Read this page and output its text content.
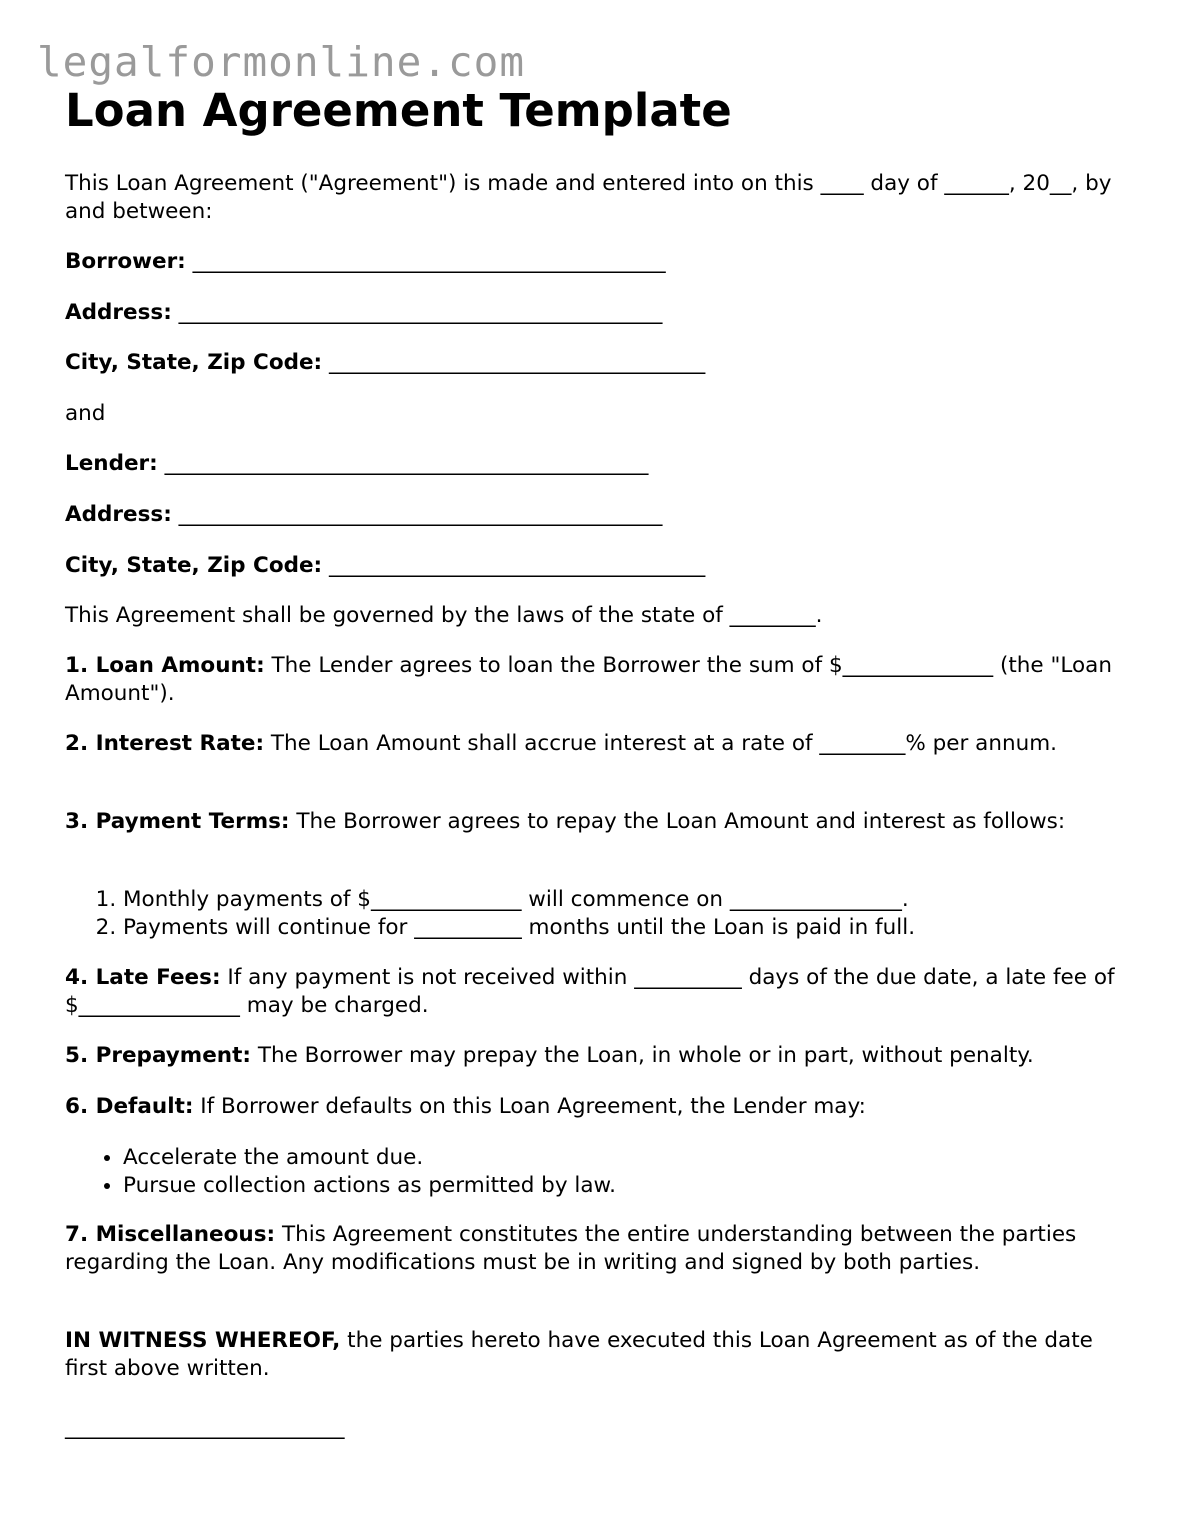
legalformonline.com
Loan Agreement Template

This Loan Agreement ("Agreement") is made and entered into on this ____ day of ______, 20__, by and between:

Borrower: ____________________________________________

Address: _____________________________________________

City, State, Zip Code: ___________________________________

and

Lender: _____________________________________________

Address: _____________________________________________

City, State, Zip Code: ___________________________________

This Agreement shall be governed by the laws of the state of ________.

1. Loan Amount: The Lender agrees to loan the Borrower the sum of $______________ (the "Loan Amount").

2. Interest Rate: The Loan Amount shall accrue interest at a rate of ________% per annum.

3. Payment Terms: The Borrower agrees to repay the Loan Amount and interest as follows:

1. Monthly payments of $______________ will commence on ________________.
2. Payments will continue for __________ months until the Loan is paid in full.

4. Late Fees: If any payment is not received within __________ days of the due date, a late fee of $_______________ may be charged.

5. Prepayment: The Borrower may prepay the Loan, in whole or in part, without penalty.

6. Default: If Borrower defaults on this Loan Agreement, the Lender may:

• Accelerate the amount due.
• Pursue collection actions as permitted by law.

7. Miscellaneous: This Agreement constitutes the entire understanding between the parties regarding the Loan. Any modifications must be in writing and signed by both parties.

IN WITNESS WHEREOF, the parties hereto have executed this Loan Agreement as of the date first above written.

__________________________
